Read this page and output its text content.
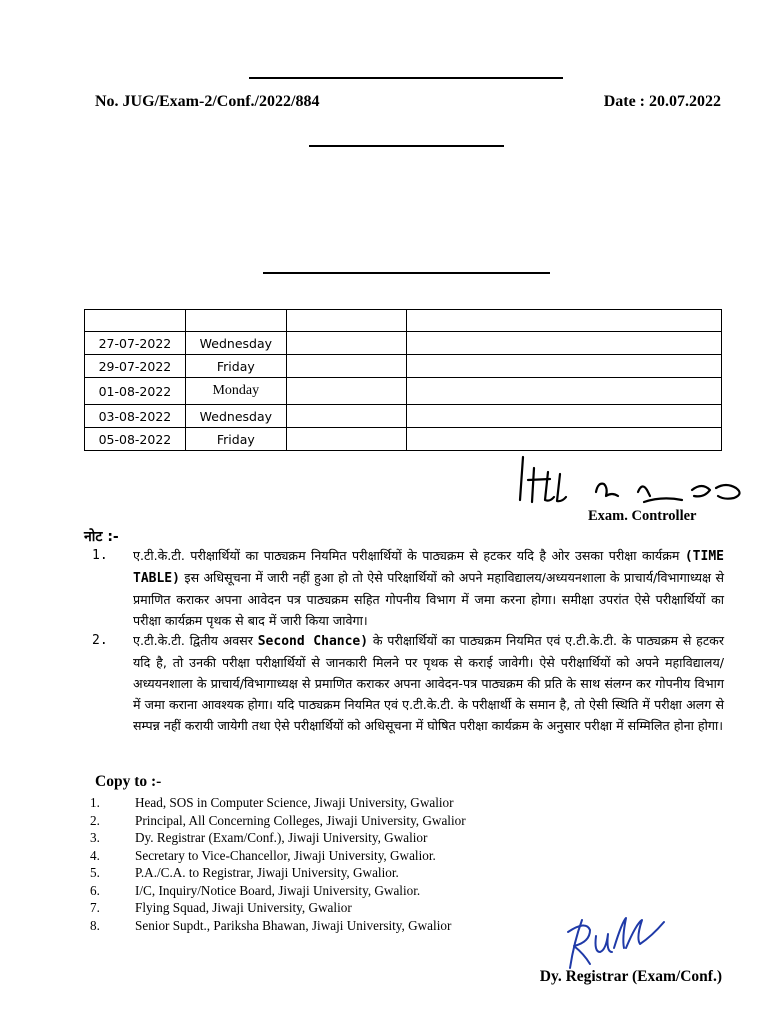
No. JUG/Exam-2/Conf./2022/884	Date : 20.07.2022

27-07-2022	Wednesday		
29-07-2022	Friday		
01-08-2022	Monday		
03-08-2022	Wednesday		
05-08-2022	Friday		
Exam. Controller
नोट :-
1. ए.टी.के.टी. परीक्षार्थियों का पाठ्यक्रम नियमित परीक्षार्थियों के पाठ्यक्रम से हटकर यदि है ओर उसका परीक्षा कार्यक्रम (TIME TABLE) इस अधिसूचना में जारी नहीं हुआ हो तो ऐसे परिक्षार्थियों को अपने महाविद्यालय/अध्ययनशाला के प्राचार्य/विभागाध्यक्ष से प्रमाणित कराकर अपना आवेदन पत्र पाठ्यक्रम सहित गोपनीय विभाग में जमा करना होगा। समीक्षा उपरांत ऐसे परीक्षार्थियों का परीक्षा कार्यक्रम पृथक से बाद में जारी किया जावेगा।
2. ए.टी.के.टी. द्वितीय अवसर Second Chance) के परीक्षार्थियों का पाठ्यक्रम नियमित एवं ए.टी.के.टी. के पाठ्यक्रम से हटकर यदि है, तो उनकी परीक्षा परीक्षार्थियों से जानकारी मिलने पर पृथक से कराई जावेगी। ऐसे परीक्षार्थियों को अपने महाविद्यालय/अध्ययनशाला के प्राचार्य/विभागाध्यक्ष से प्रमाणित कराकर अपना आवेदन-पत्र पाठ्यक्रम की प्रति के साथ संलग्न कर गोपनीय विभाग में जमा कराना आवश्यक होगा। यदि पाठ्यक्रम नियमित एवं ए.टी.के.टी. के परीक्षार्थी के समान है, तो ऐसी स्थिति में परीक्षा अलग से सम्पन्न नहीं करायी जायेगी तथा ऐसे परीक्षार्थियों को अधिसूचना में घोषित परीक्षा कार्यक्रम के अनुसार परीक्षा में सम्मिलित होना होगा।
Copy to :-
1.	Head, SOS in Computer Science, Jiwaji University, Gwalior
2.	Principal, All Concerning Colleges, Jiwaji University, Gwalior
3.	Dy. Registrar (Exam/Conf.), Jiwaji University, Gwalior
4.	Secretary to Vice-Chancellor, Jiwaji University, Gwalior.
5.	P.A./C.A. to Registrar, Jiwaji University, Gwalior.
6.	I/C, Inquiry/Notice Board, Jiwaji University, Gwalior.
7.	Flying Squad, Jiwaji University, Gwalior
8.	Senior Supdt., Pariksha Bhawan, Jiwaji University, Gwalior
Dy. Registrar (Exam/Conf.)
